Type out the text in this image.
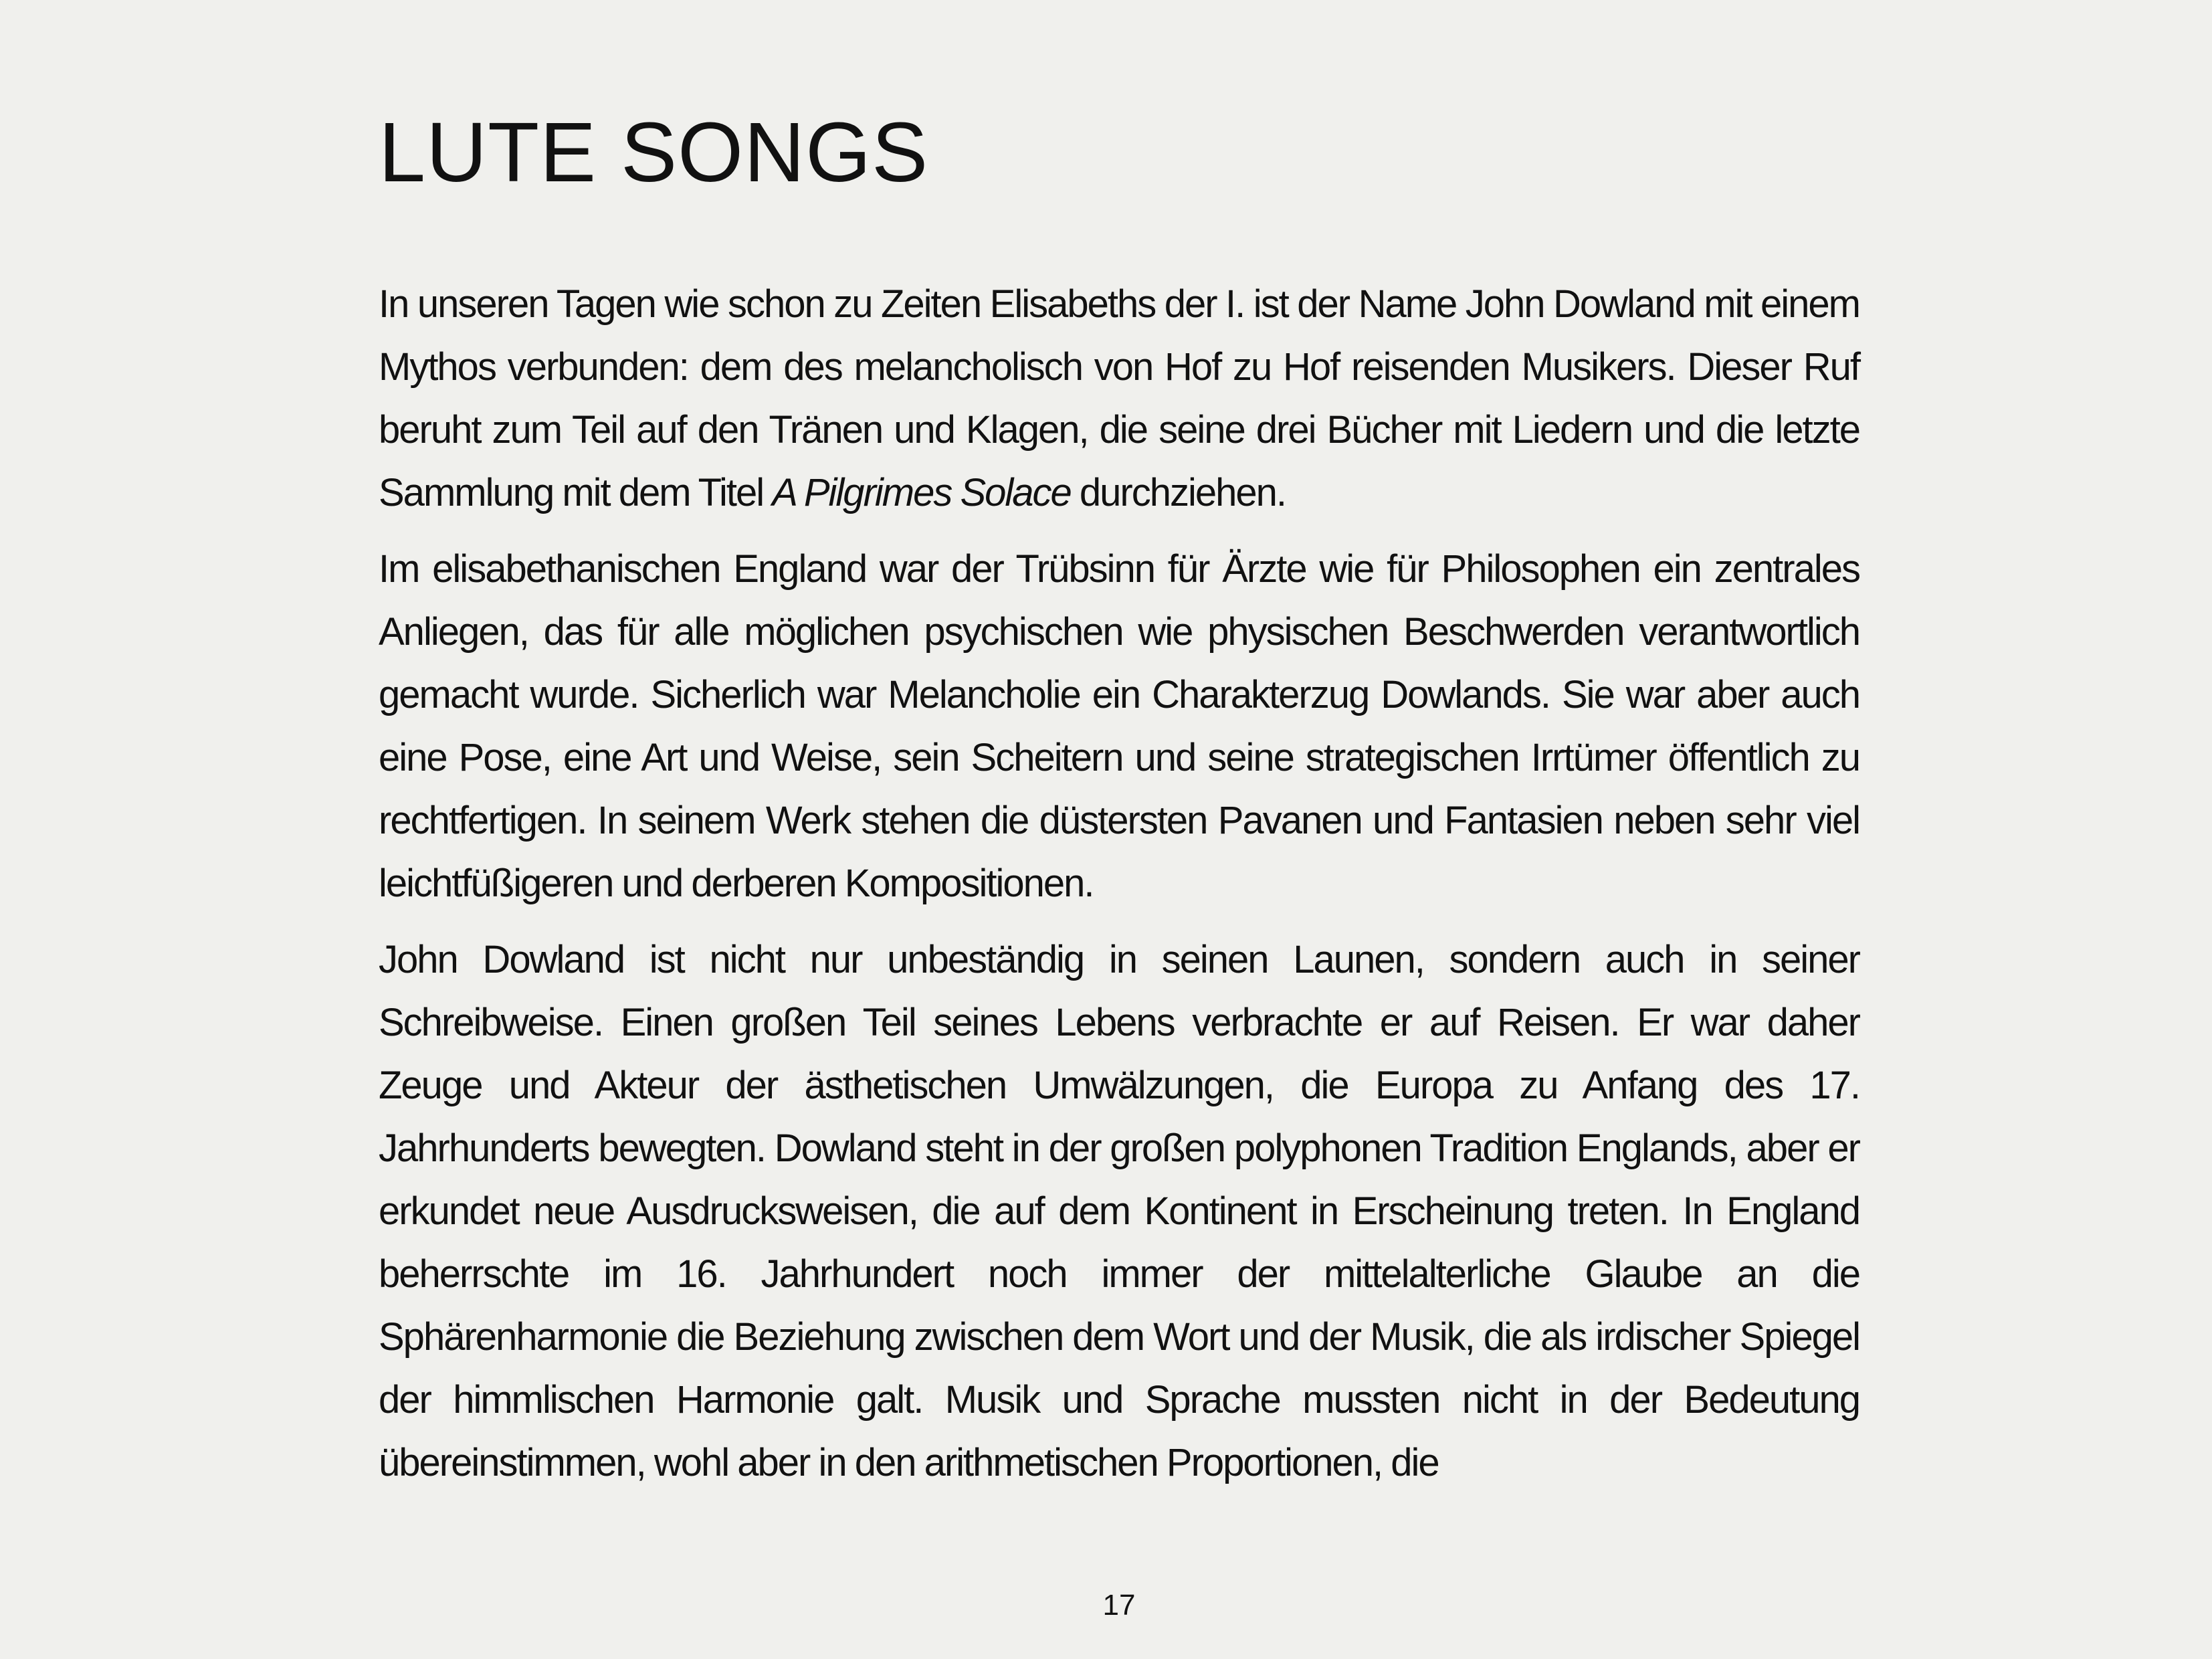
LUTE SONGS

In unseren Tagen wie schon zu Zeiten Elisabeths der I. ist der Name John Dowland mit einem Mythos verbunden: dem des melancholisch von Hof zu Hof reisenden Musikers. Dieser Ruf beruht zum Teil auf den Tränen und Klagen, die seine drei Bücher mit Liedern und die letzte Sammlung mit dem Titel A Pilgrimes Solace durchziehen.

Im elisabethanischen England war der Trübsinn für Ärzte wie für Philosophen ein zentrales Anliegen, das für alle möglichen psychischen wie physischen Beschwerden verantwortlich gemacht wurde. Sicherlich war Melancholie ein Charakterzug Dowlands. Sie war aber auch eine Pose, eine Art und Weise, sein Scheitern und seine strategischen Irrtümer öffentlich zu rechtfertigen. In seinem Werk stehen die düstersten Pavanen und Fantasien neben sehr viel leichtfüßigeren und derberen Kompositionen.

John Dowland ist nicht nur unbeständig in seinen Launen, sondern auch in seiner Schreibweise. Einen großen Teil seines Lebens verbrachte er auf Reisen. Er war daher Zeuge und Akteur der ästhetischen Umwälzungen, die Europa zu Anfang des 17. Jahrhunderts bewegten. Dowland steht in der großen polyphonen Tradition Englands, aber er erkundet neue Ausdrucksweisen, die auf dem Kontinent in Erscheinung treten. In England beherrschte im 16. Jahrhundert noch immer der mittelalterliche Glaube an die Sphärenharmonie die Beziehung zwischen dem Wort und der Musik, die als irdischer Spiegel der himmlischen Harmonie galt. Musik und Sprache mussten nicht in der Bedeutung übereinstimmen, wohl aber in den arithmetischen Proportionen, die

17
